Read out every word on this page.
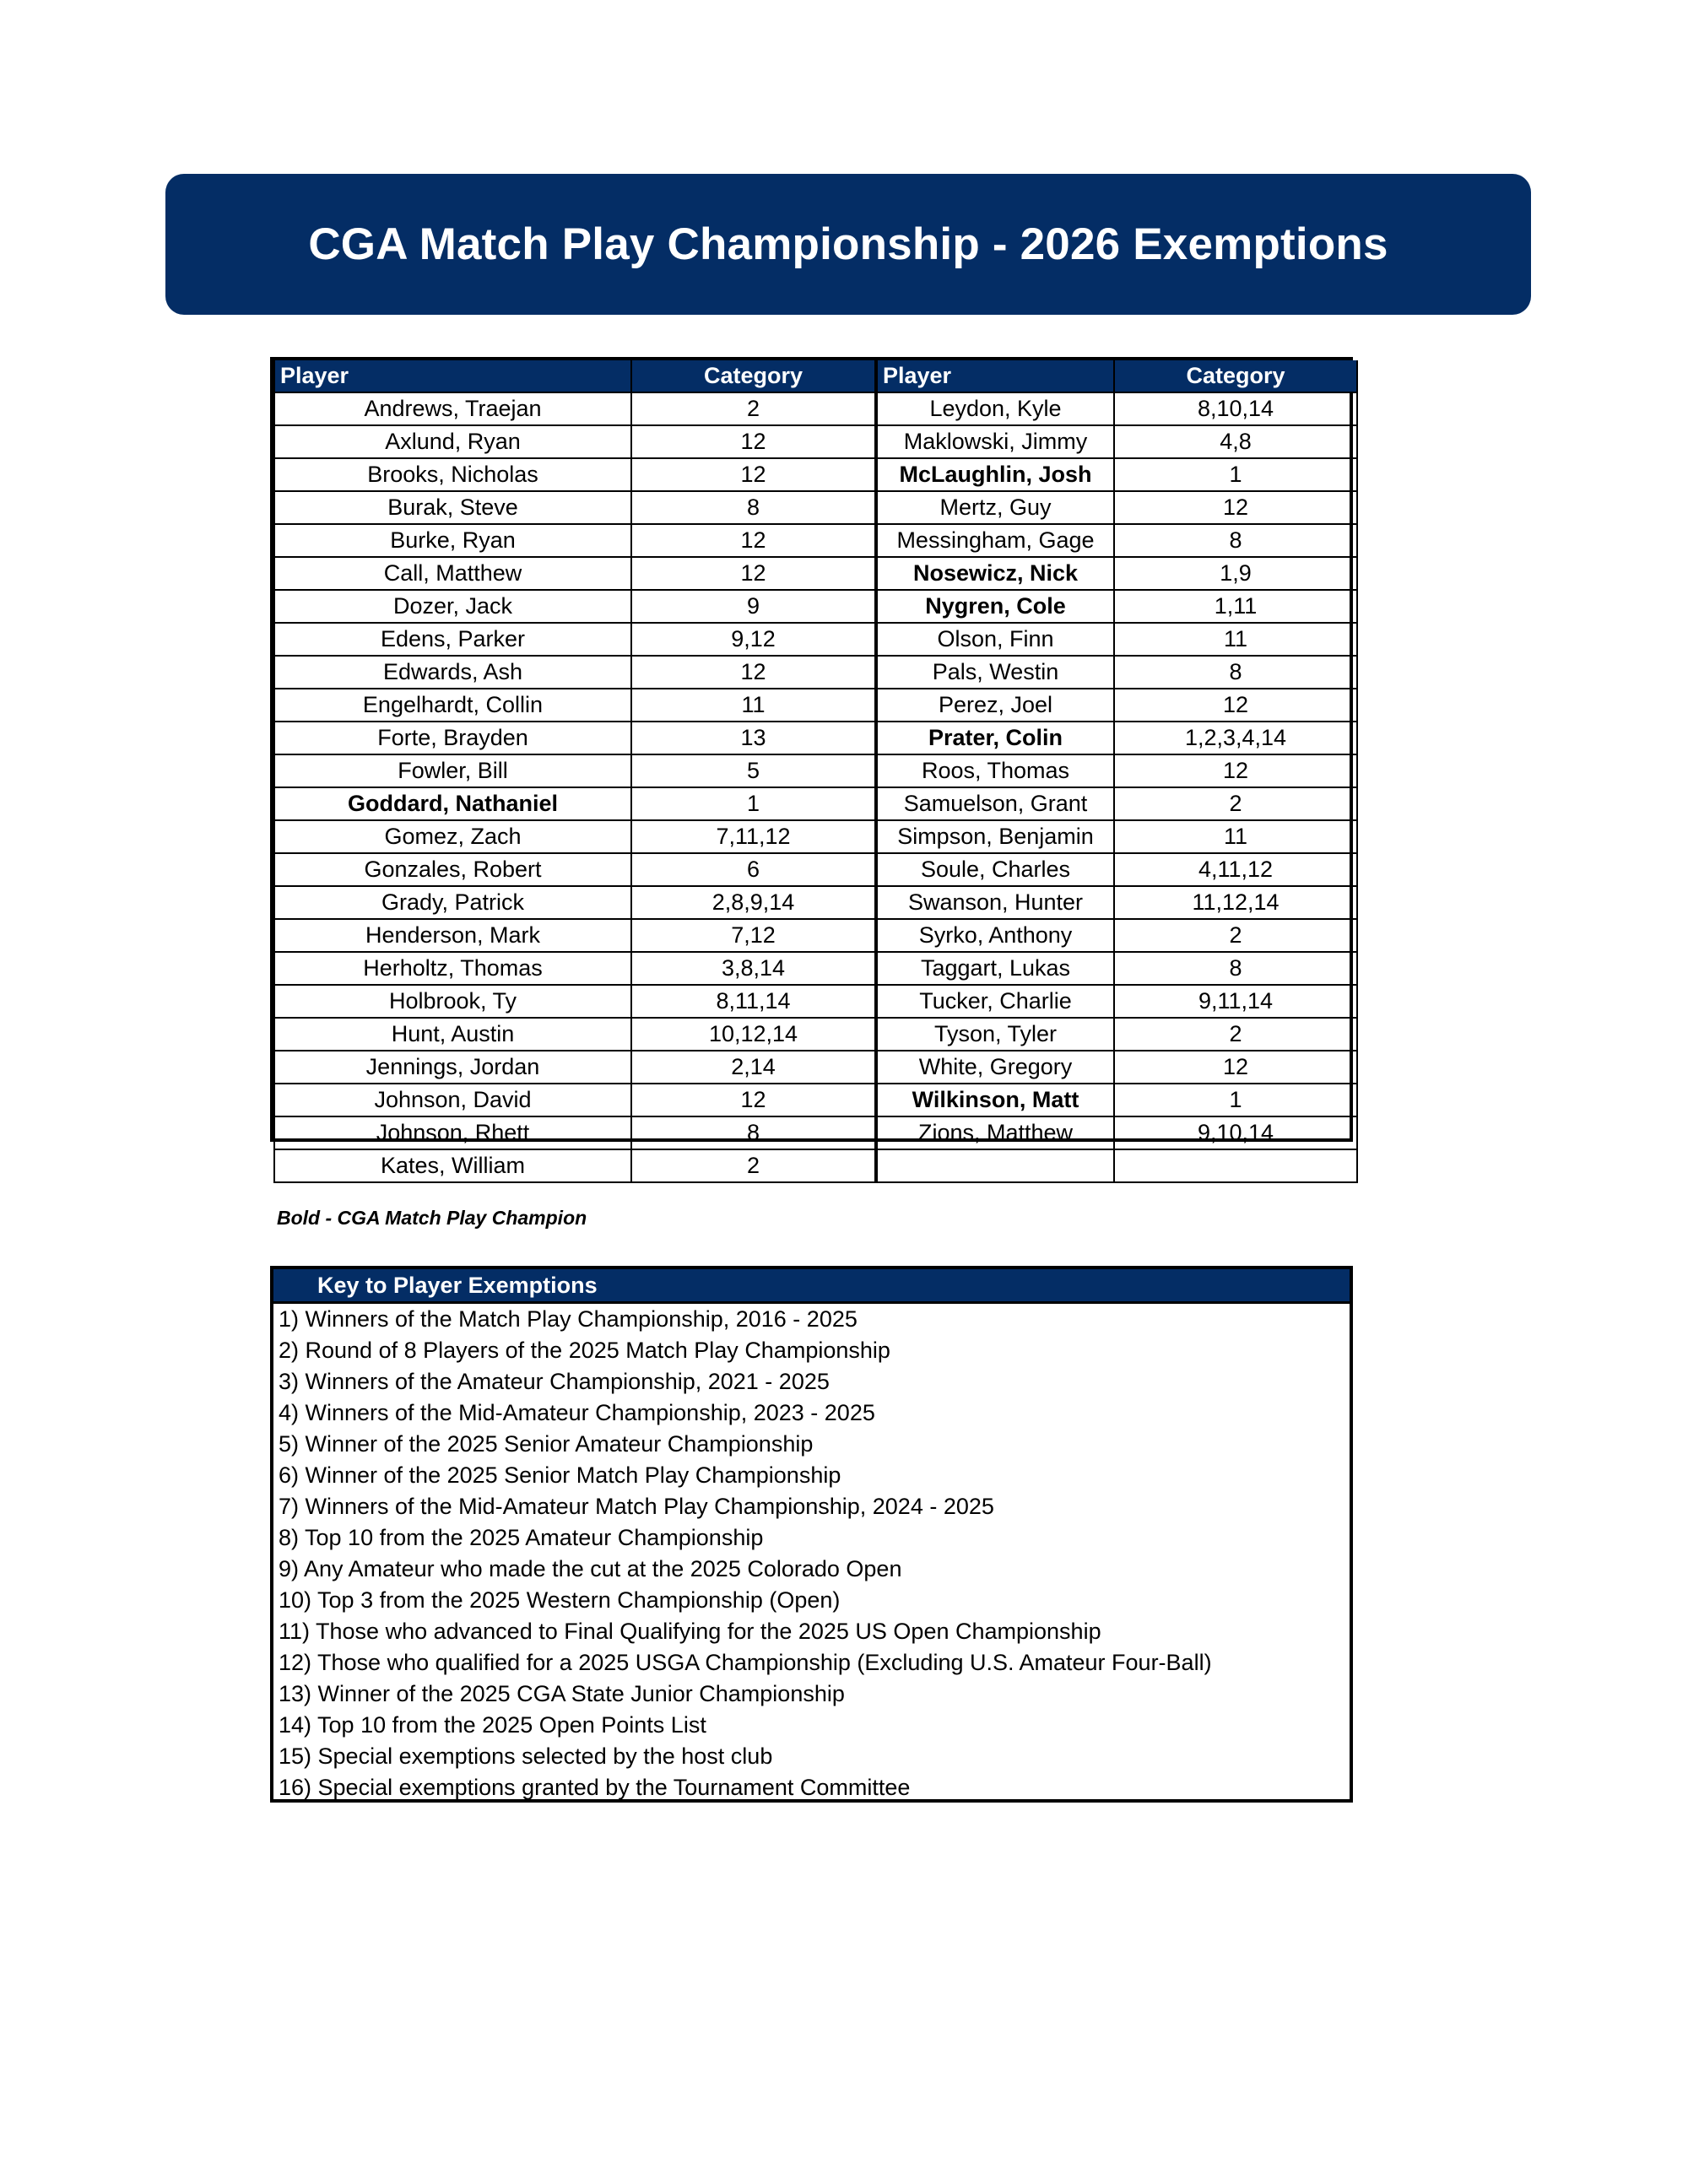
CGA Match Play Championship - 2026 Exemptions
Player	Category	Player	Category
Andrews, Traejan	2	Leydon, Kyle	8,10,14
Axlund, Ryan	12	Maklowski, Jimmy	4,8
Brooks, Nicholas	12	McLaughlin, Josh	1
Burak, Steve	8	Mertz, Guy	12
Burke, Ryan	12	Messingham, Gage	8
Call, Matthew	12	Nosewicz, Nick	1,9
Dozer, Jack	9	Nygren, Cole	1,11
Edens, Parker	9,12	Olson, Finn	11
Edwards, Ash	12	Pals, Westin	8
Engelhardt, Collin	11	Perez, Joel	12
Forte, Brayden	13	Prater, Colin	1,2,3,4,14
Fowler, Bill	5	Roos, Thomas	12
Goddard, Nathaniel	1	Samuelson, Grant	2
Gomez, Zach	7,11,12	Simpson, Benjamin	11
Gonzales, Robert	6	Soule, Charles	4,11,12
Grady, Patrick	2,8,9,14	Swanson, Hunter	11,12,14
Henderson, Mark	7,12	Syrko, Anthony	2
Herholtz, Thomas	3,8,14	Taggart, Lukas	8
Holbrook, Ty	8,11,14	Tucker, Charlie	9,11,14
Hunt, Austin	10,12,14	Tyson, Tyler	2
Jennings, Jordan	2,14	White, Gregory	12
Johnson, David	12	Wilkinson, Matt	1
Johnson, Rhett	8	Zions, Matthew	9,10,14
Kates, William	2		
Bold - CGA Match Play Champion
Key to Player Exemptions
1) Winners of the Match Play Championship, 2016 - 2025
2) Round of 8 Players of the 2025 Match Play Championship
3) Winners of the Amateur Championship, 2021 - 2025
4) Winners of the Mid-Amateur Championship, 2023 - 2025
5) Winner of the 2025 Senior Amateur Championship
6) Winner of the 2025 Senior Match Play Championship
7) Winners of the Mid-Amateur Match Play Championship, 2024 - 2025
8) Top 10 from the 2025 Amateur Championship
9) Any Amateur who made the cut at the 2025 Colorado Open
10) Top 3 from the 2025 Western Championship (Open)
11) Those who advanced to Final Qualifying for the 2025 US Open Championship
12) Those who qualified for a 2025 USGA Championship (Excluding U.S. Amateur Four-Ball)
13) Winner of the 2025 CGA State Junior Championship
14) Top 10 from the 2025 Open Points List
15) Special exemptions selected by the host club
16) Special exemptions granted by the Tournament Committee
